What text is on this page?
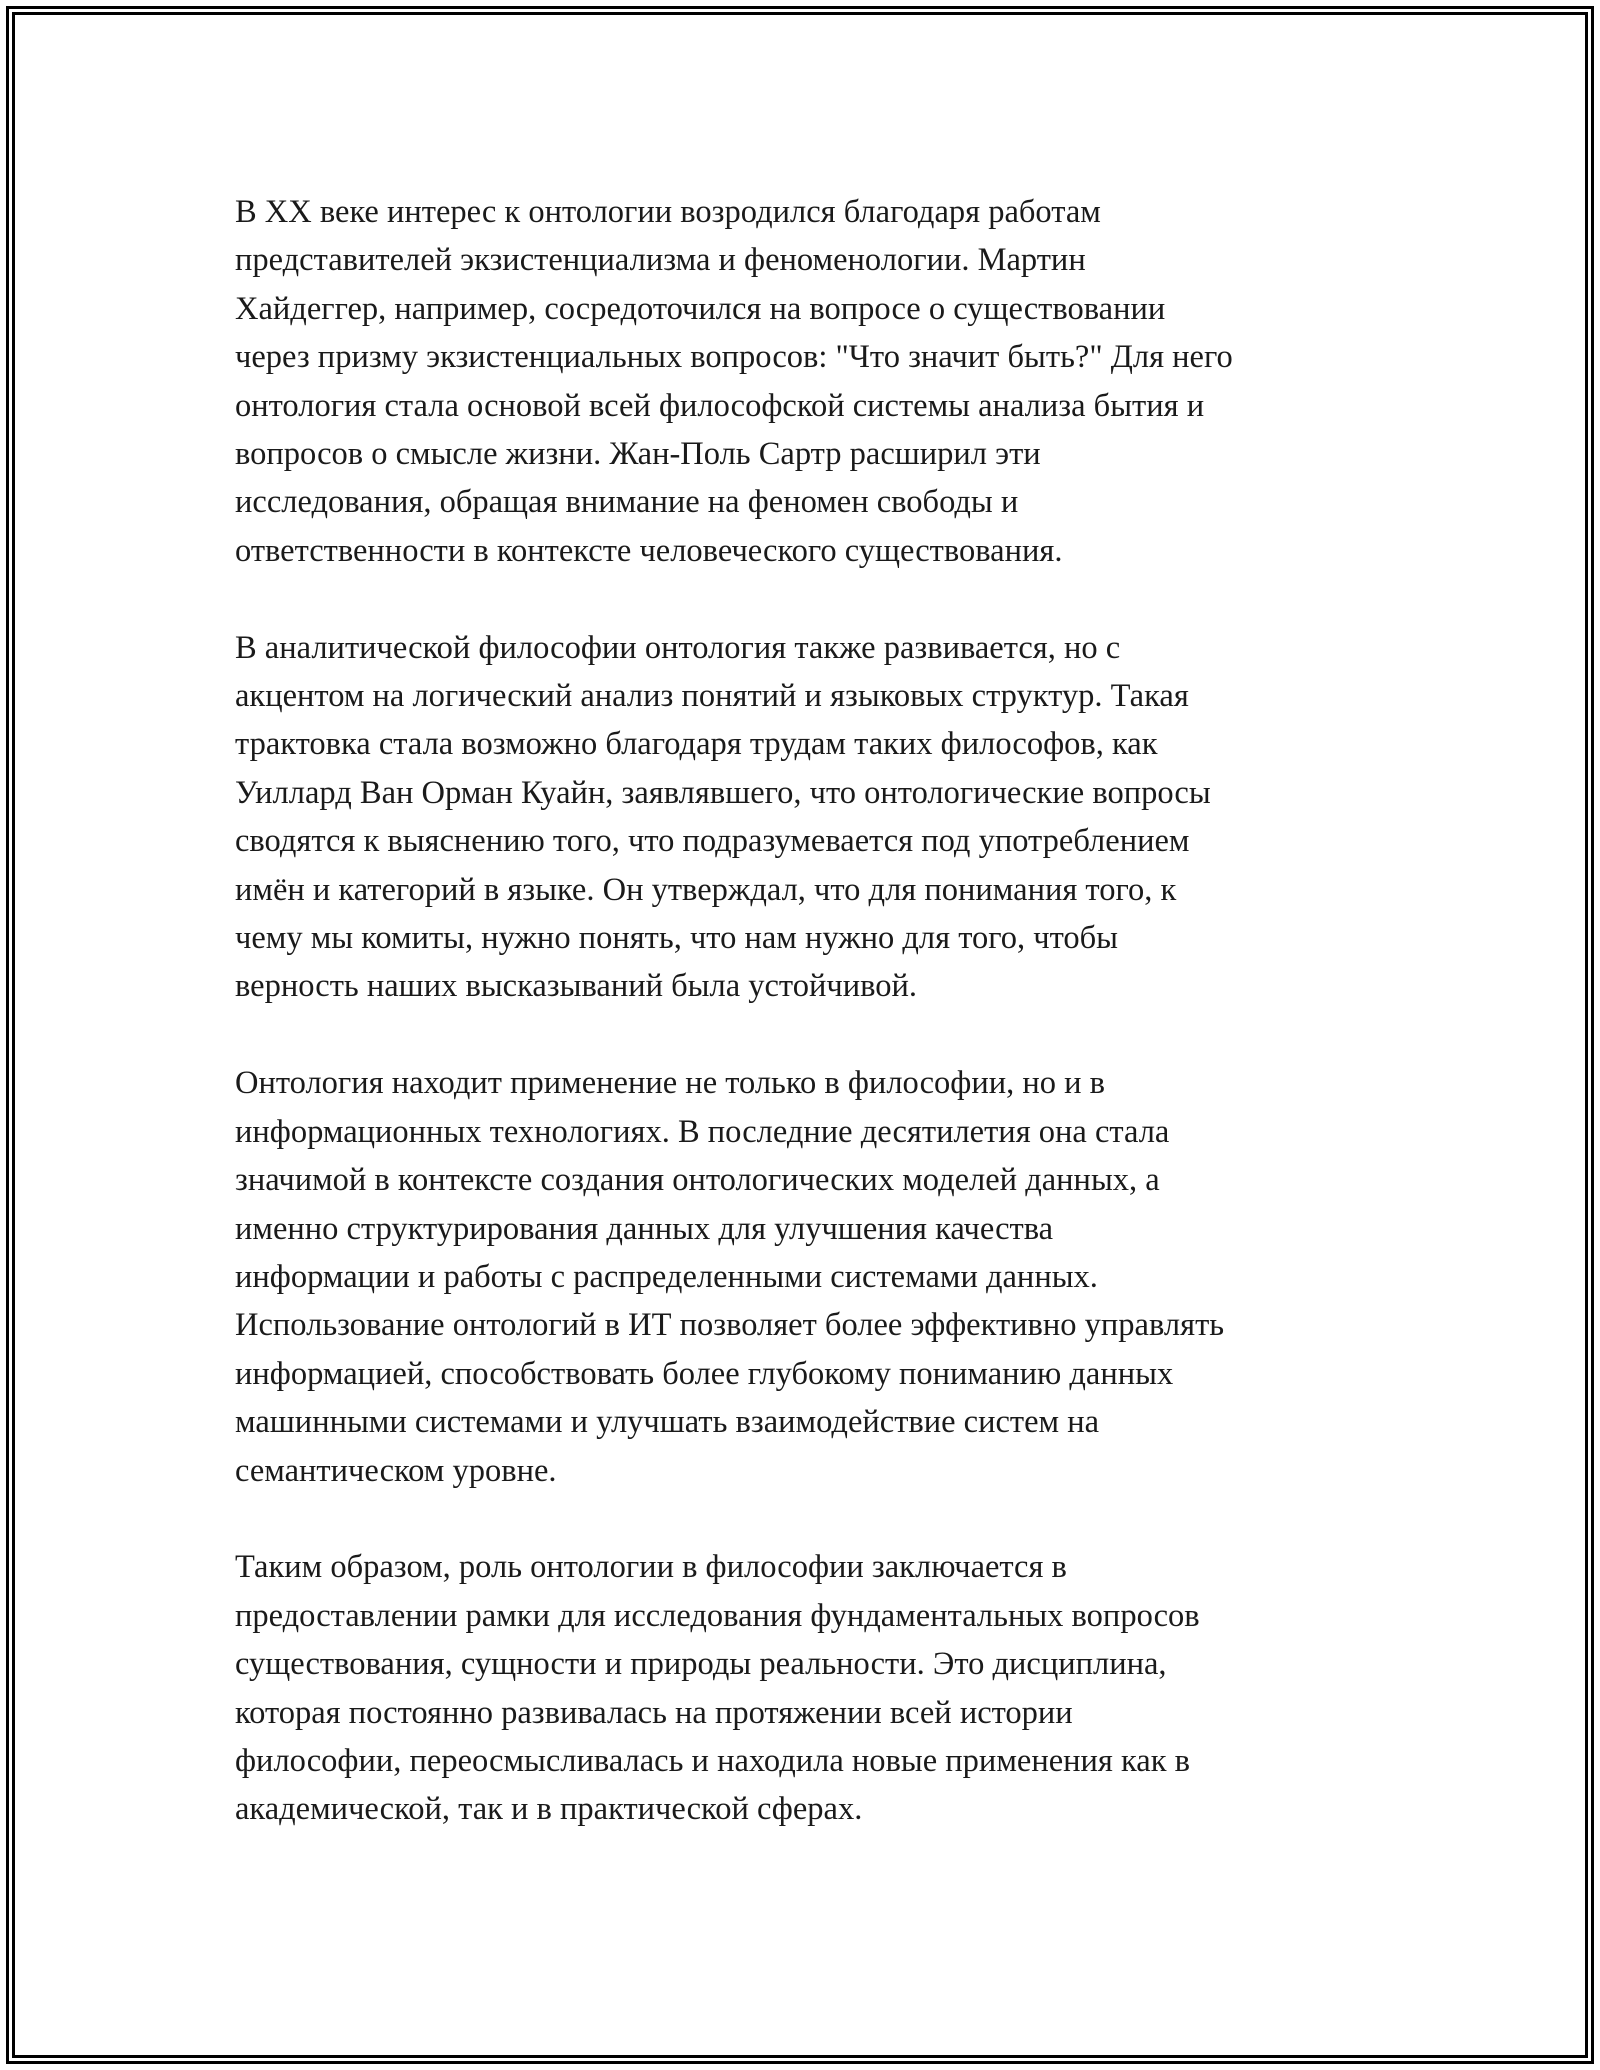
В XX веке интерес к онтологии возродился благодаря работам
представителей экзистенциализма и феноменологии. Мартин
Хайдеггер, например, сосредоточился на вопросе о существовании
через призму экзистенциальных вопросов: "Что значит быть?" Для него
онтология стала основой всей философской системы анализа бытия и
вопросов о смысле жизни. Жан-Поль Сартр расширил эти
исследования, обращая внимание на феномен свободы и
ответственности в контексте человеческого существования.

В аналитической философии онтология также развивается, но с
акцентом на логический анализ понятий и языковых структур. Такая
трактовка стала возможно благодаря трудам таких философов, как
Уиллард Ван Орман Куайн, заявлявшего, что онтологические вопросы
сводятся к выяснению того, что подразумевается под употреблением
имён и категорий в языке. Он утверждал, что для понимания того, к
чему мы комиты, нужно понять, что нам нужно для того, чтобы
верность наших высказываний была устойчивой.

Онтология находит применение не только в философии, но и в
информационных технологиях. В последние десятилетия она стала
значимой в контексте создания онтологических моделей данных, а
именно структурирования данных для улучшения качества
информации и работы с распределенными системами данных.
Использование онтологий в ИТ позволяет более эффективно управлять
информацией, способствовать более глубокому пониманию данных
машинными системами и улучшать взаимодействие систем на
семантическом уровне.

Таким образом, роль онтологии в философии заключается в
предоставлении рамки для исследования фундаментальных вопросов
существования, сущности и природы реальности. Это дисциплина,
которая постоянно развивалась на протяжении всей истории
философии, переосмысливалась и находила новые применения как в
академической, так и в практической сферах.
